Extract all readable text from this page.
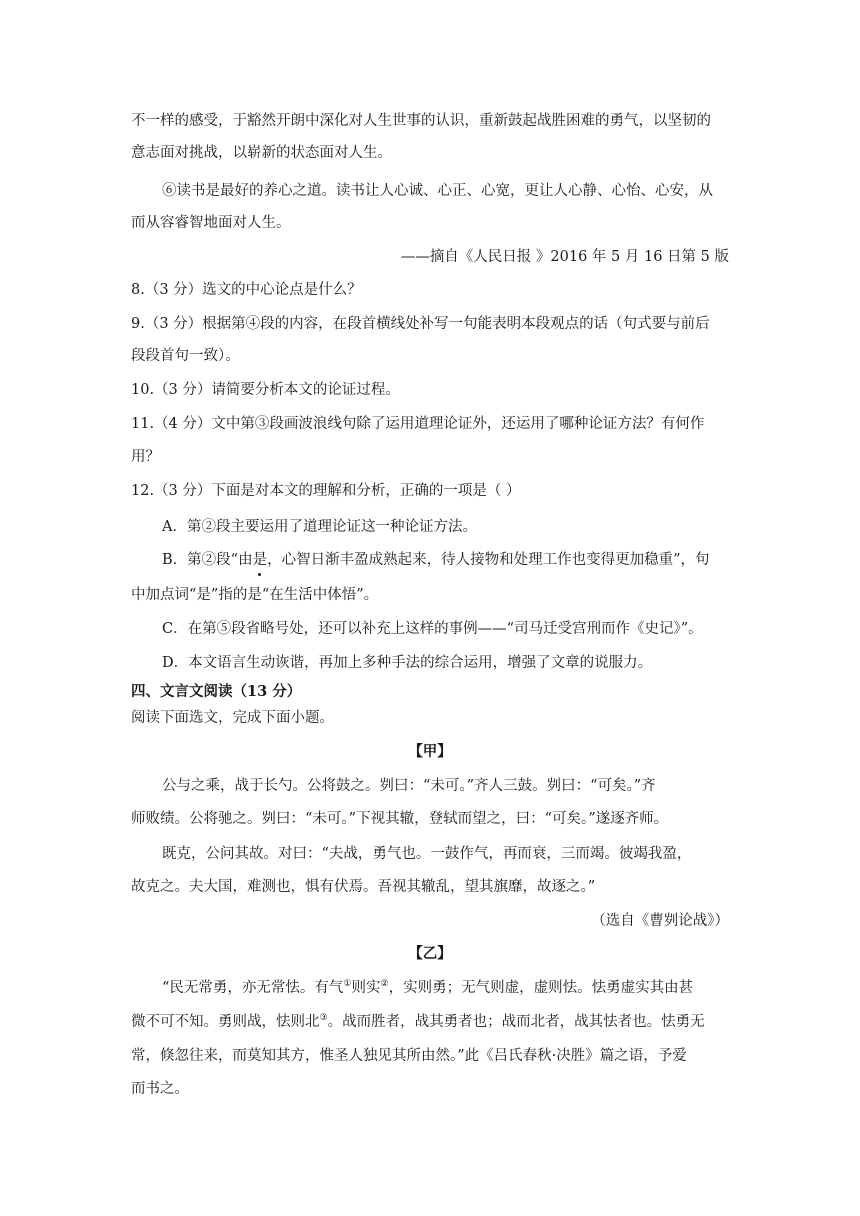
不一样的感受，于豁然开朗中深化对人生世事的认识，重新鼓起战胜困难的勇气，以坚韧的
意志面对挑战，以崭新的状态面对人生。
⑥读书是最好的养心之道。读书让人心诚、心正、心宽，更让人心静、心怡、心安，从
而从容睿智地面对人生。
——摘自《人民日报 》2016 年 5 月 16 日第 5 版
8.（3 分）选文的中心论点是什么？
9.（3 分）根据第④段的内容，在段首横线处补写一句能表明本段观点的话（句式要与前后
段段首句一致）。
10.（3 分）请简要分析本文的论证过程。
11.（4 分）文中第③段画波浪线句除了运用道理论证外，还运用了哪种论证方法？有何作
用？
12.（3 分）下面是对本文的理解和分析，正确的一项是（ ）
A．第②段主要运用了道理论证这一种论证方法。
B．第②段“由是，心智日渐丰盈成熟起来，待人接物和处理工作也变得更加稳重”，句
中加点词“是”指的是“在生活中体悟”。
C．在第⑤段省略号处，还可以补充上这样的事例——“司马迁受宫刑而作《史记》”。
D．本文语言生动诙谐，再加上多种手法的综合运用，增强了文章的说服力。
四、文言文阅读（13 分）
阅读下面选文，完成下面小题。
【甲】
公与之乘，战于长勺。公将鼓之。刿曰：“未可。”齐人三鼓。刿曰：“可矣。”齐
师败绩。公将驰之。刿曰：“未可。”下视其辙，登轼而望之，曰：“可矣。”遂逐齐师。
既克，公问其故。对曰：“夫战，勇气也。一鼓作气，再而衰，三而竭。彼竭我盈，
故克之。夫大国，难测也，惧有伏焉。吾视其辙乱，望其旗靡，故逐之。”
（选自《曹刿论战》）
【乙】
“民无常勇，亦无常怯。有气①则实②，实则勇；无气则虚，虚则怯。怯勇虚实其由甚
微不可不知。勇则战，怯则北③。战而胜者，战其勇者也；战而北者，战其怯者也。怯勇无
常，倏忽往来，而莫知其方，惟圣人独见其所由然。”此《吕氏春秋·决胜》篇之语，予爱
而书之。
